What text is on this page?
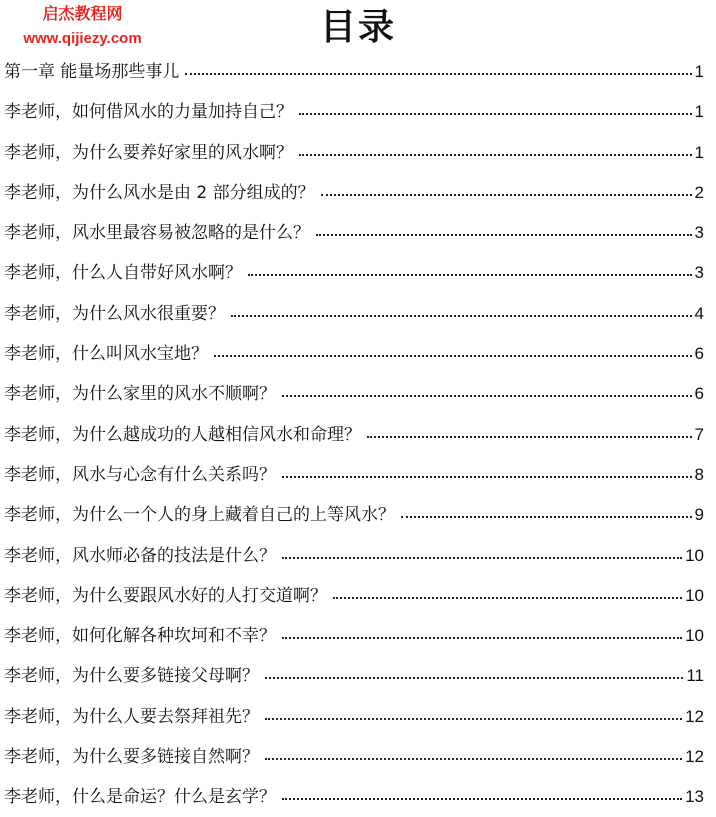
启杰教程网
www.qijiezy.com	目录
第一章 能量场那些事儿	1
李老师，如何借风水的力量加持自己？	1
李老师，为什么要养好家里的风水啊？	1
李老师，为什么风水是由 2 部分组成的？	2
李老师，风水里最容易被忽略的是什么？	3
李老师，什么人自带好风水啊？	3
李老师，为什么风水很重要？	4
李老师，什么叫风水宝地？	6
李老师，为什么家里的风水不顺啊？	6
李老师，为什么越成功的人越相信风水和命理？	7
李老师，风水与心念有什么关系吗？	8
李老师，为什么一个人的身上藏着自己的上等风水？	9
李老师，风水师必备的技法是什么？	10
李老师，为什么要跟风水好的人打交道啊？	10
李老师，如何化解各种坎坷和不幸？	10
李老师，为什么要多链接父母啊？	11
李老师，为什么人要去祭拜祖先？	12
李老师，为什么要多链接自然啊？	12
李老师，什么是命运？什么是玄学？	13
